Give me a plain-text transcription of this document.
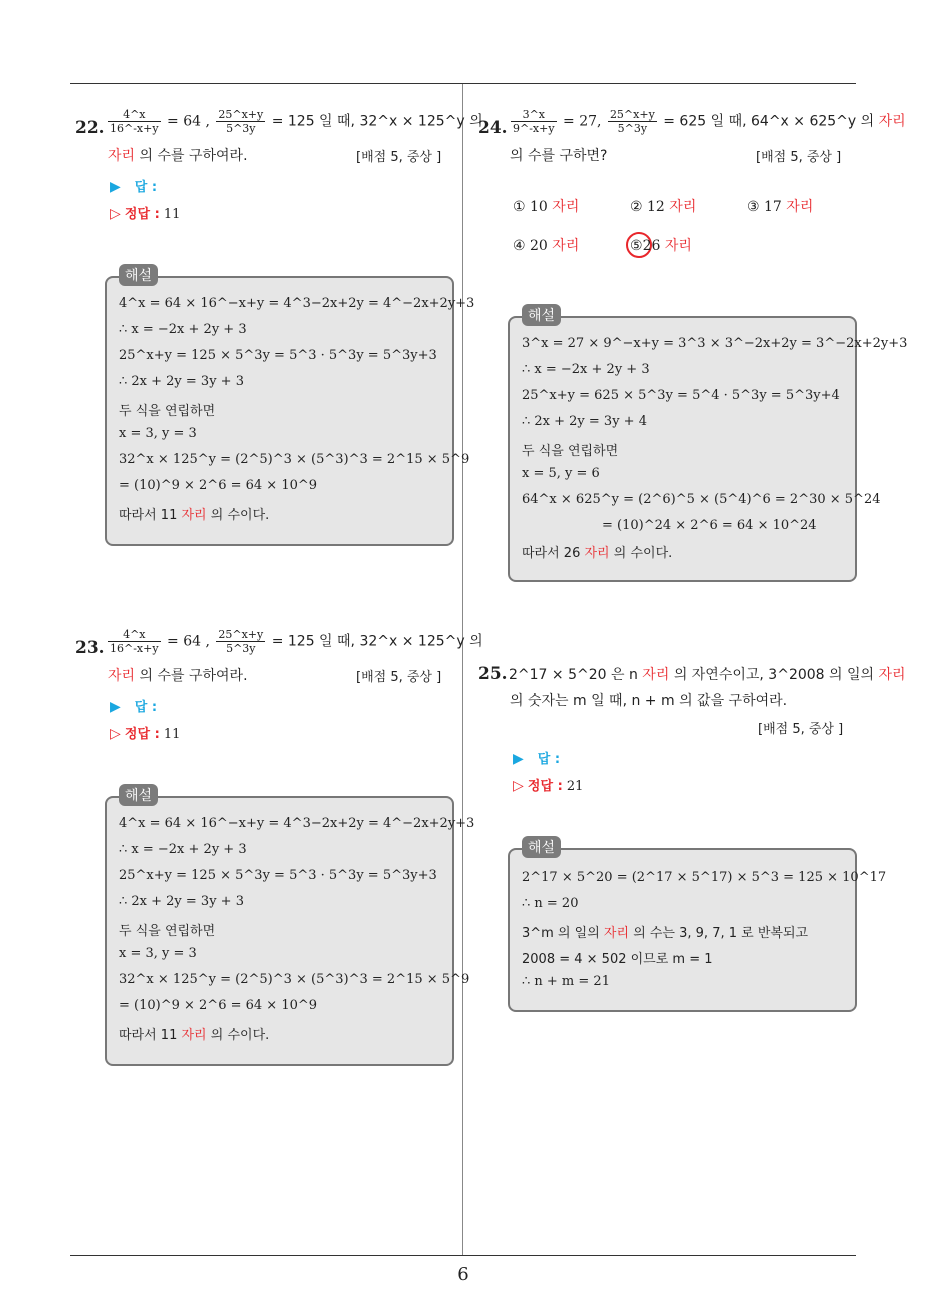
6
22. $\frac{4\^{}x}{16\^{}-x+y} = 64$ , $\frac{25\^{}x+y}{5\^{}3y} = 125$ 일 때, 32^x × 125^y 의
자리 의 수를 구하여라.	[배점 5, 중상 ]
▶ 답 :
▷ 정답 : 11
해설
4^x = 64 × 16^−x+y = 4^3−2x+2y = 4^−2x+2y+3
∴ x = −2x + 2y + 3
25^x+y = 125 × 5^3y = 5^3 · 5^3y = 5^3y+3
∴ 2x + 2y = 3y + 3
두 식을 연립하면
x = 3, y = 3
32^x × 125^y = (2^5)^3 × (5^3)^3 = 2^15 × 5^9
= (10)^9 × 2^6 = 64 × 10^9
따라서 11 자리 의 수이다.
23. $\frac{4\^{}x}{16\^{}-x+y} = 64$ , $\frac{25\^{}x+y}{5\^{}3y} = 125$ 일 때, 32^x × 125^y 의
자리 의 수를 구하여라.	[배점 5, 중상 ]
▶ 답 :
▷ 정답 : 11
해설
4^x = 64 × 16^−x+y = 4^3−2x+2y = 4^−2x+2y+3
∴ x = −2x + 2y + 3
25^x+y = 125 × 5^3y = 5^3 · 5^3y = 5^3y+3
∴ 2x + 2y = 3y + 3
두 식을 연립하면
x = 3, y = 3
32^x × 125^y = (2^5)^3 × (5^3)^3 = 2^15 × 5^9
= (10)^9 × 2^6 = 64 × 10^9
따라서 11 자리 의 수이다.
24. $\frac{3\^{}x}{9\^{}-x+y} = 27$, $\frac{25\^{}x+y}{5\^{}3y} = 625$ 일 때, 64^x × 625^y 의 자리
의 수를 구하면?	[배점 5, 중상 ]
① 10 자리	② 12 자리	③ 17 자리
④ 20 자리	⑤26 자리
해설
3^x = 27 × 9^−x+y = 3^3 × 3^−2x+2y = 3^−2x+2y+3
∴ x = −2x + 2y + 3
25^x+y = 625 × 5^3y = 5^4 · 5^3y = 5^3y+4
∴ 2x + 2y = 3y + 4
두 식을 연립하면
x = 5, y = 6
64^x × 625^y = (2^6)^5 × (5^4)^6 = 2^30 × 5^24
= (10)^24 × 2^6 = 64 × 10^24
따라서 26 자리 의 수이다.
25. 2^17 × 5^20 은 n 자리 의 자연수이고, 3^2008 의 일의 자리
의 숫자는 m 일 때, n + m 의 값을 구하여라.
[배점 5, 중상 ]
▶ 답 :
▷ 정답 : 21
해설
2^17 × 5^20 = (2^17 × 5^17) × 5^3 = 125 × 10^17
∴ n = 20
3^m 의 일의 자리 의 수는 3, 9, 7, 1 로 반복되고
2008 = 4 × 502 이므로 m = 1
∴ n + m = 21
